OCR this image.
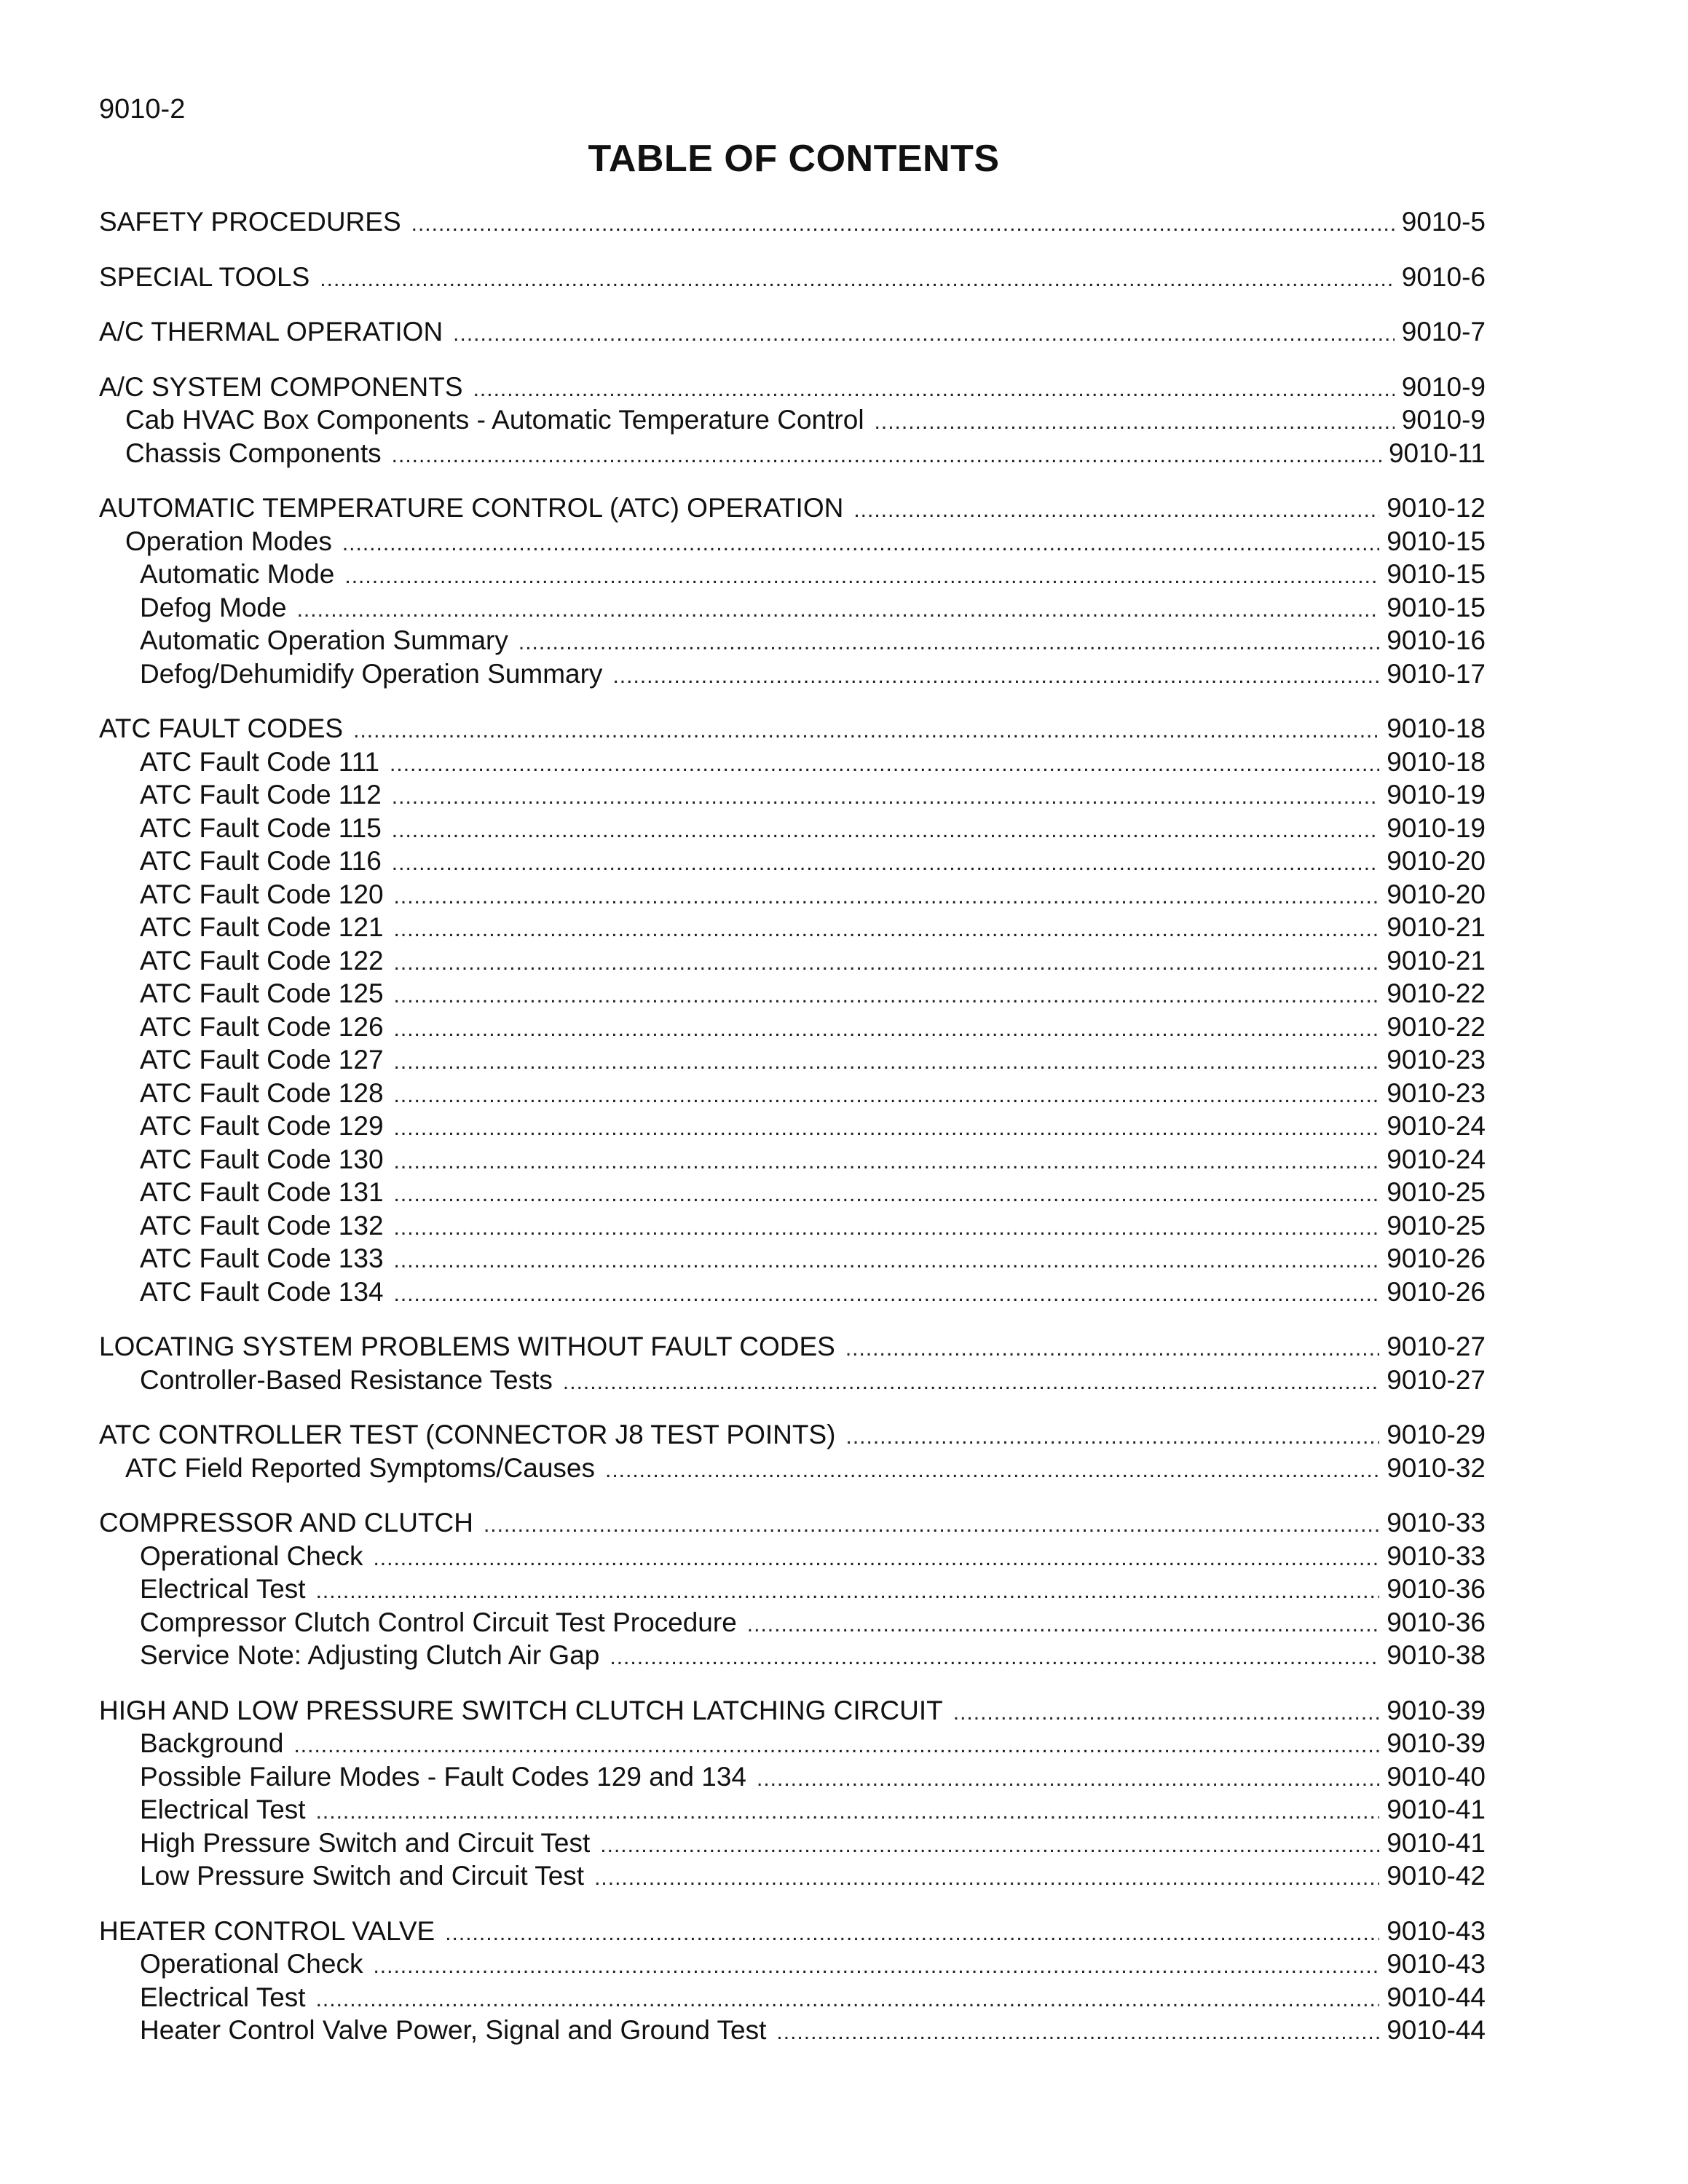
9010-2
TABLE OF CONTENTS
SAFETY PROCEDURES .....	9010-5
SPECIAL TOOLS .....	9010-6
A/C THERMAL OPERATION .....	9010-7
A/C SYSTEM COMPONENTS .....	9010-9
Cab HVAC Box Components - Automatic Temperature Control .....	9010-9
Chassis Components .....	9010-11
AUTOMATIC TEMPERATURE CONTROL (ATC) OPERATION .....	9010-12
Operation Modes .....	9010-15
Automatic Mode .....	9010-15
Defog Mode .....	9010-15
Automatic Operation Summary .....	9010-16
Defog/Dehumidify Operation Summary .....	9010-17
ATC FAULT CODES .....	9010-18
ATC Fault Code 111 .....	9010-18
ATC Fault Code 112 .....	9010-19
ATC Fault Code 115 .....	9010-19
ATC Fault Code 116 .....	9010-20
ATC Fault Code 120 .....	9010-20
ATC Fault Code 121 .....	9010-21
ATC Fault Code 122 .....	9010-21
ATC Fault Code 125 .....	9010-22
ATC Fault Code 126 .....	9010-22
ATC Fault Code 127 .....	9010-23
ATC Fault Code 128 .....	9010-23
ATC Fault Code 129 .....	9010-24
ATC Fault Code 130 .....	9010-24
ATC Fault Code 131 .....	9010-25
ATC Fault Code 132 .....	9010-25
ATC Fault Code 133 .....	9010-26
ATC Fault Code 134 .....	9010-26
LOCATING SYSTEM PROBLEMS WITHOUT FAULT CODES .....	9010-27
Controller-Based Resistance Tests .....	9010-27
ATC CONTROLLER TEST (CONNECTOR J8 TEST POINTS) .....	9010-29
ATC Field Reported Symptoms/Causes .....	9010-32
COMPRESSOR AND CLUTCH .....	9010-33
Operational Check .....	9010-33
Electrical Test .....	9010-36
Compressor Clutch Control Circuit Test Procedure .....	9010-36
Service Note: Adjusting Clutch Air Gap .....	9010-38
HIGH AND LOW PRESSURE SWITCH CLUTCH LATCHING CIRCUIT .....	9010-39
Background .....	9010-39
Possible Failure Modes - Fault Codes 129 and 134 .....	9010-40
Electrical Test .....	9010-41
High Pressure Switch and Circuit Test .....	9010-41
Low Pressure Switch and Circuit Test .....	9010-42
HEATER CONTROL VALVE .....	9010-43
Operational Check .....	9010-43
Electrical Test .....	9010-44
Heater Control Valve Power, Signal and Ground Test .....	9010-44
